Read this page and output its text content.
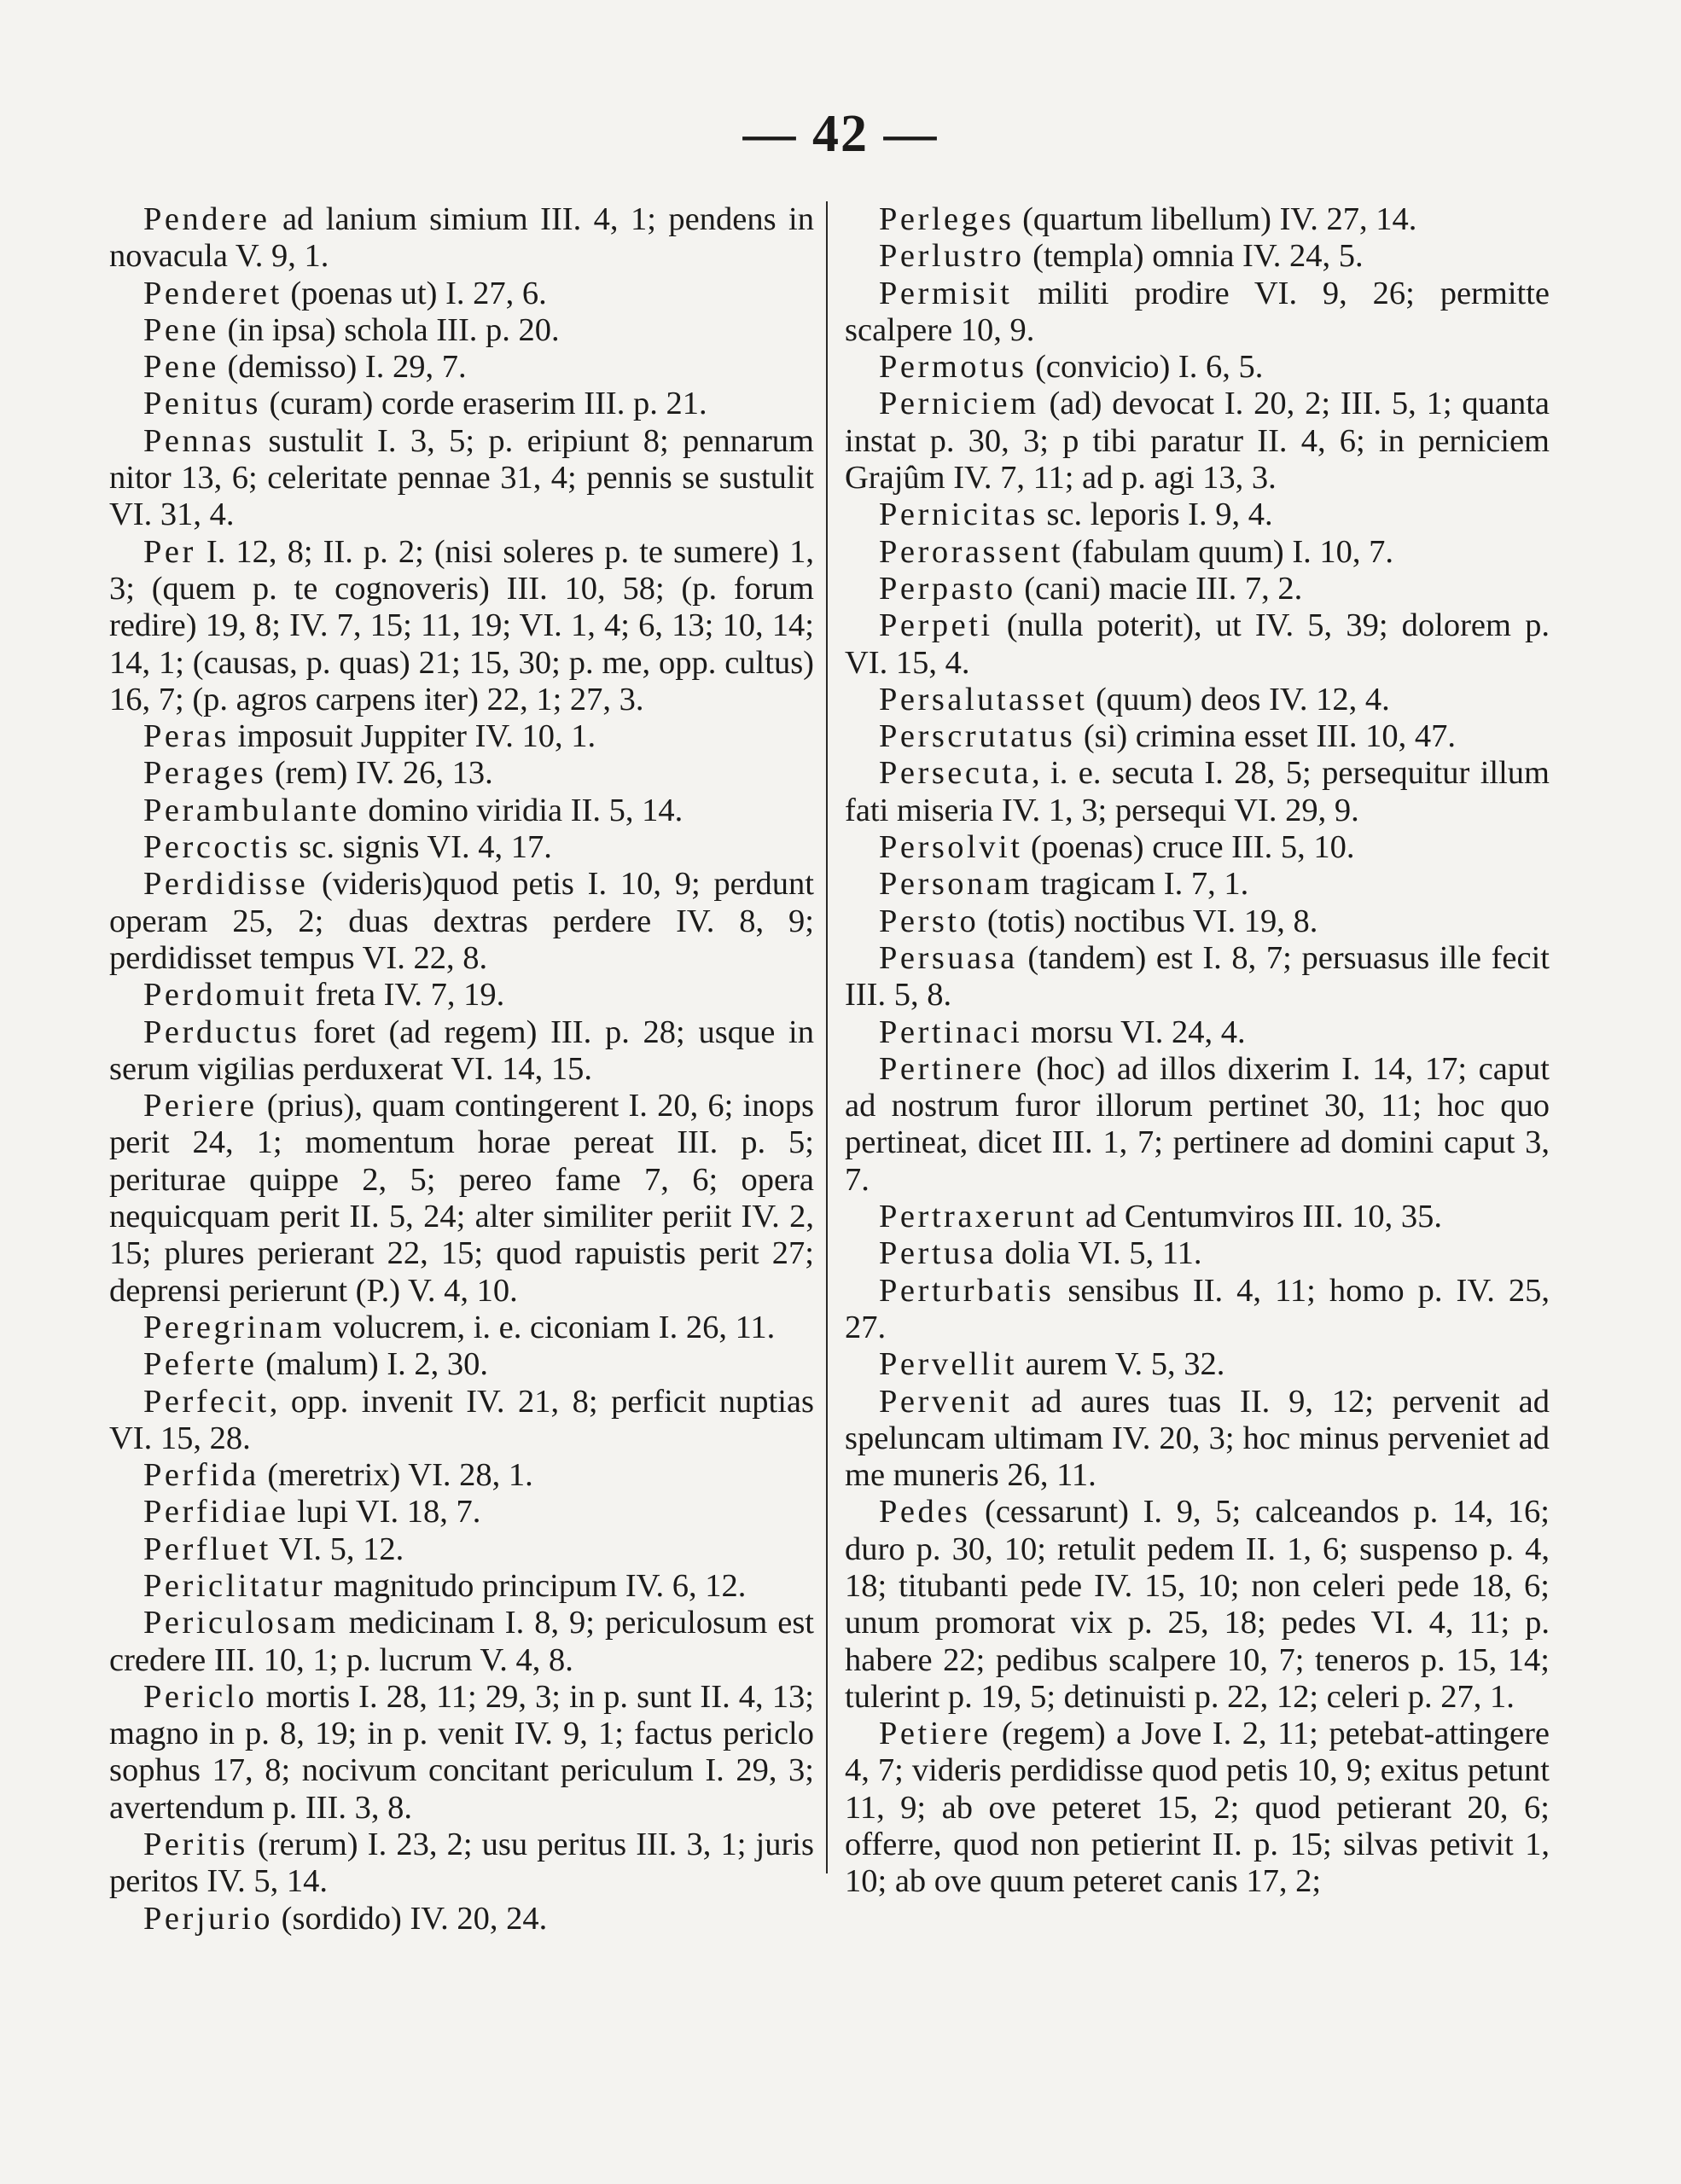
— 42 —

Pendere ad lanium simium III. 4, 1; pendens in novacula V. 9, 1.

Penderet (poenas ut) I. 27, 6.

Pene (in ipsa) schola III. p. 20.

Pene (demisso) I. 29, 7.

Penitus (curam) corde eraserim III. p. 21.

Pennas sustulit I. 3, 5; p. eripiunt 8; pennarum nitor 13, 6; celeritate pennae 31, 4; pennis se sustulit VI. 31, 4.

Per I. 12, 8; II. p. 2; (nisi soleres p. te sumere) 1, 3; (quem p. te cognoveris) III. 10, 58; (p. forum redire) 19, 8; IV. 7, 15; 11, 19; VI. 1, 4; 6, 13; 10, 14; 14, 1; (causas, p. quas) 21; 15, 30; p. me, opp. cultus) 16, 7; (p. agros carpens iter) 22, 1; 27, 3.

Peras imposuit Juppiter IV. 10, 1.

Perages (rem) IV. 26, 13.

Perambulante domino viridia II. 5, 14.

Percoctis sc. signis VI. 4, 17.

Perdidisse (videris)quod petis I. 10, 9; perdunt operam 25, 2; duas dextras perdere IV. 8, 9; perdidisset tempus VI. 22, 8.

Perdomuit freta IV. 7, 19.

Perductus foret (ad regem) III. p. 28; usque in serum vigilias perduxerat VI. 14, 15.

Periere (prius), quam contingerent I. 20, 6; inops perit 24, 1; momentum horae pereat III. p. 5; periturae quippe 2, 5; pereo fame 7, 6; opera nequicquam perit II. 5, 24; alter similiter periit IV. 2, 15; plures perierant 22, 15; quod rapuistis perit 27; deprensi perierunt (P.) V. 4, 10.

Peregrinam volucrem, i. e. ciconiam I. 26, 11.

Peferte (malum) I. 2, 30.

Perfecit, opp. invenit IV. 21, 8; perficit nuptias VI. 15, 28.

Perfida (meretrix) VI. 28, 1.

Perfidiae lupi VI. 18, 7.

Perfluet VI. 5, 12.

Periclitatur magnitudo principum IV. 6, 12.

Periculosam medicinam I. 8, 9; periculosum est credere III. 10, 1; p. lucrum V. 4, 8.

Periclo mortis I. 28, 11; 29, 3; in p. sunt II. 4, 13; magno in p. 8, 19; in p. venit IV. 9, 1; factus periclo sophus 17, 8; nocivum concitant periculum I. 29, 3; avertendum p. III. 3, 8.

Peritis (rerum) I. 23, 2; usu peritus III. 3, 1; juris peritos IV. 5, 14.

Perjurio (sordido) IV. 20, 24.

Perleges (quartum libellum) IV. 27, 14.

Perlustro (templa) omnia IV. 24, 5.

Permisit militi prodire VI. 9, 26; permitte scalpere 10, 9.

Permotus (convicio) I. 6, 5.

Perniciem (ad) devocat I. 20, 2; III. 5, 1; quanta instat p. 30, 3; p tibi paratur II. 4, 6; in perniciem Grajûm IV. 7, 11; ad p. agi 13, 3.

Pernicitas sc. leporis I. 9, 4.

Perorassent (fabulam quum) I. 10, 7.

Perpasto (cani) macie III. 7, 2.

Perpeti (nulla poterit), ut IV. 5, 39; dolorem p. VI. 15, 4.

Persalutasset (quum) deos IV. 12, 4.

Perscrutatus (si) crimina esset III. 10, 47.

Persecuta, i. e. secuta I. 28, 5; persequitur illum fati miseria IV. 1, 3; persequi VI. 29, 9.

Persolvit (poenas) cruce III. 5, 10.

Personam tragicam I. 7, 1.

Persto (totis) noctibus VI. 19, 8.

Persuasa (tandem) est I. 8, 7; persuasus ille fecit III. 5, 8.

Pertinaci morsu VI. 24, 4.

Pertinere (hoc) ad illos dixerim I. 14, 17; caput ad nostrum furor illorum pertinet 30, 11; hoc quo pertineat, dicet III. 1, 7; pertinere ad domini caput 3, 7.

Pertraxerunt ad Centumviros III. 10, 35.

Pertusa dolia VI. 5, 11.

Perturbatis sensibus II. 4, 11; homo p. IV. 25, 27.

Pervellit aurem V. 5, 32.

Pervenit ad aures tuas II. 9, 12; pervenit ad speluncam ultimam IV. 20, 3; hoc minus perveniet ad me muneris 26, 11.

Pedes (cessarunt) I. 9, 5; calceandos p. 14, 16; duro p. 30, 10; retulit pedem II. 1, 6; suspenso p. 4, 18; titubanti pede IV. 15, 10; non celeri pede 18, 6; unum promorat vix p. 25, 18; pedes VI. 4, 11; p. habere 22; pedibus scalpere 10, 7; teneros p. 15, 14; tulerint p. 19, 5; detinuisti p. 22, 12; celeri p. 27, 1.

Petiere (regem) a Jove I. 2, 11; petebat-attingere 4, 7; videris perdidisse quod petis 10, 9; exitus petunt 11, 9; ab ove peteret 15, 2; quod petierant 20, 6; offerre, quod non petierint II. p. 15; silvas petivit 1, 10; ab ove quum peteret canis 17, 2;
